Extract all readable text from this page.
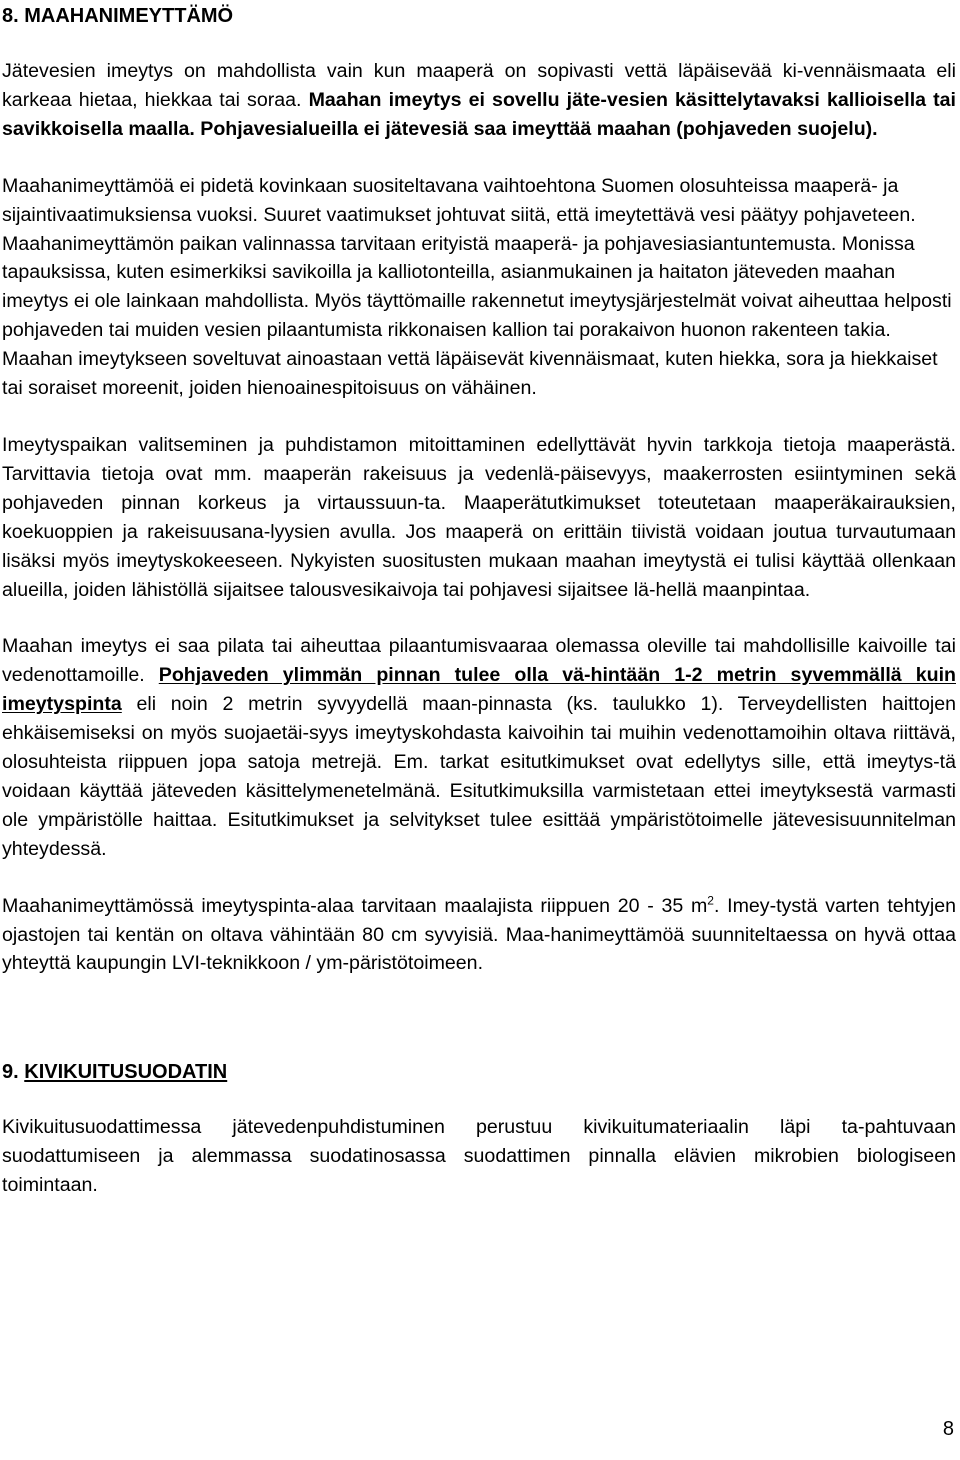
8. MAAHANIMEYTTÄMÖ

Jätevesien imeytys on mahdollista vain kun maaperä on sopivasti vettä läpäisevää ki-vennäismaata eli karkeaa hietaa, hiekkaa tai soraa. Maahan imeytys ei sovellu jäte-vesien käsittelytavaksi kallioisella tai savikkoisella maalla. Pohjavesialueilla ei jätevesiä saa imeyttää maahan (pohjaveden suojelu).

Maahanimeyttämöä ei pidetä kovinkaan suositeltavana vaihtoehtona Suomen olosuhteissa maaperä- ja sijaintivaatimuksiensa vuoksi. Suuret vaatimukset johtuvat siitä, että imeytettävä vesi päätyy pohjaveteen. Maahanimeyttämön paikan valinnassa tarvitaan erityistä maaperä- ja pohjavesiasiantuntemusta. Monissa tapauksissa, kuten esimerkiksi savikoilla ja kalliotonteilla, asianmukainen ja haitaton jäteveden maahan imeytys ei ole lainkaan mahdollista. Myös täyttömaille rakennetut imeytysjärjestelmät voivat aiheuttaa helposti pohjaveden tai muiden vesien pilaantumista rikkonaisen kallion tai porakaivon huonon rakenteen takia. Maahan imeytykseen soveltuvat ainoastaan vettä läpäisevät kivennäismaat, kuten hiekka, sora ja hiekkaiset tai soraiset moreenit, joiden hienoainespitoisuus on vähäinen.

Imeytyspaikan valitseminen ja puhdistamon mitoittaminen edellyttävät hyvin tarkkoja tietoja maaperästä. Tarvittavia tietoja ovat mm. maaperän rakeisuus ja vedenlä-päisevyys, maakerrosten esiintyminen sekä pohjaveden pinnan korkeus ja virtaussuun-ta. Maaperätutkimukset toteutetaan maaperäkairauksien, koekuoppien ja rakeisuusana-lyysien avulla. Jos maaperä on erittäin tiivistä voidaan joutua turvautumaan lisäksi myös imeytyskokeeseen. Nykyisten suositusten mukaan maahan imeytystä ei tulisi käyttää ollenkaan alueilla, joiden lähistöllä sijaitsee talousvesikaivoja tai pohjavesi sijaitsee lä-hellä maanpintaa.

Maahan imeytys ei saa pilata tai aiheuttaa pilaantumisvaaraa olemassa oleville tai mahdollisille kaivoille tai vedenottamoille. Pohjaveden ylimmän pinnan tulee olla vä-hintään 1-2 metrin syvemmällä kuin imeytyspinta eli noin 2 metrin syvyydellä maan-pinnasta (ks. taulukko 1). Terveydellisten haittojen ehkäisemiseksi on myös suojaetäi-syys imeytyskohdasta kaivoihin tai muihin vedenottamoihin oltava riittävä, olosuhteista riippuen jopa satoja metrejä. Em. tarkat esitutkimukset ovat edellytys sille, että imeytys-tä voidaan käyttää jäteveden käsittelymenetelmänä. Esitutkimuksilla varmistetaan ettei imeytyksestä varmasti ole ympäristölle haittaa. Esitutkimukset ja selvitykset tulee esittää ympäristötoimelle jätevesisuunnitelman yhteydessä.

Maahanimeyttämössä imeytyspinta-alaa tarvitaan maalajista riippuen 20 - 35 $m^2$. Imey-tystä varten tehtyjen ojastojen tai kentän on oltava vähintään 80 cm syvyisiä. Maa-hanimeyttämöä suunniteltaessa on hyvä ottaa yhteyttä kaupungin LVI-teknikkoon / ym-päristötoimeen.

9. KIVIKUITUSUODATIN

Kivikuitusuodattimessa jätevedenpuhdistuminen perustuu kivikuitumateriaalin läpi ta-pahtuvaan suodattumiseen ja alemmassa suodatinosassa suodattimen pinnalla elävien mikrobien biologiseen toimintaan.

8
